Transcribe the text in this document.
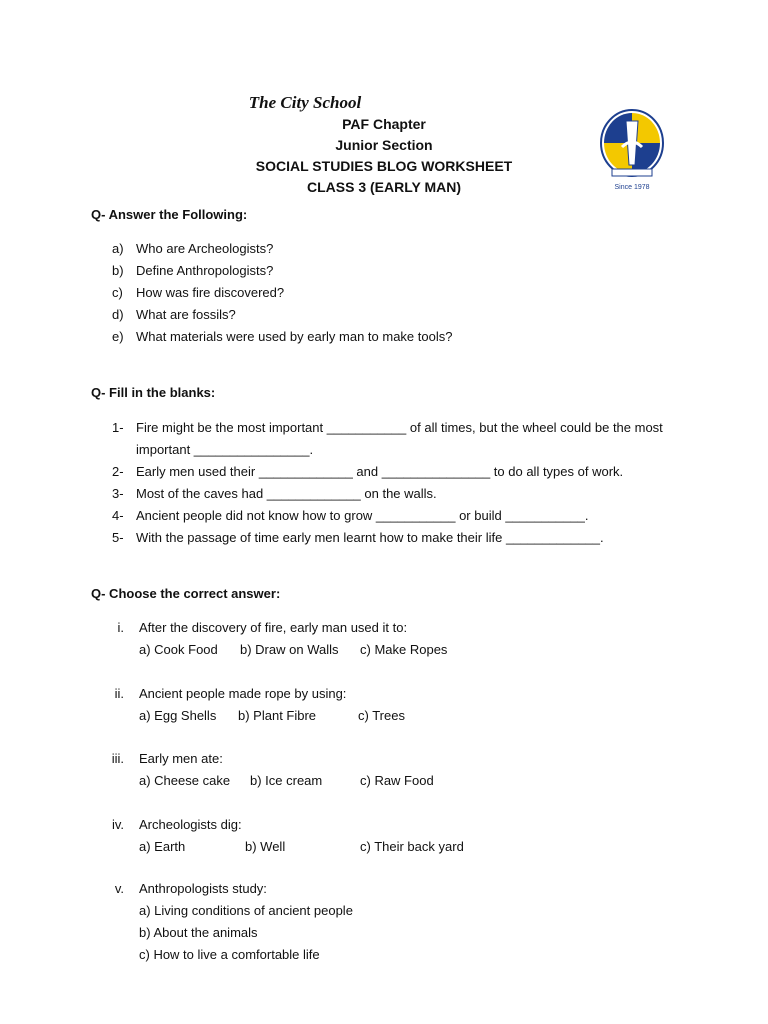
The City School
PAF Chapter
Junior Section
SOCIAL STUDIES BLOG WORKSHEET
CLASS 3 (EARLY MAN)	Since 1978
Q- Answer the Following:
a) Who are Archeologists?
b) Define Anthropologists?
c) How was fire discovered?
d) What are fossils?
e) What materials were used by early man to make tools?
Q- Fill in the blanks:
1- Fire might be the most important ___________ of all times, but the wheel could be the most important ________________.
2- Early men used their _____________ and _______________ to do all types of work.
3- Most of the caves had _____________ on the walls.
4- Ancient people did not know how to grow ___________ or build ___________.
5- With the passage of time early men learnt how to make their life _____________.
Q- Choose the correct answer:
i. After the discovery of fire, early man used it to:
a) Cook Food b) Draw on Walls c) Make Ropes
ii. Ancient people made rope by using:
a) Egg Shells b) Plant Fibre	c) Trees
iii. Early men ate:
a) Cheese cake b) Ice cream	c) Raw Food
iv. Archeologists dig:
a) Earth	b) Well	c) Their back yard
v. Anthropologists study:
a) Living conditions of ancient people
b) About the animals
c) How to live a comfortable life
